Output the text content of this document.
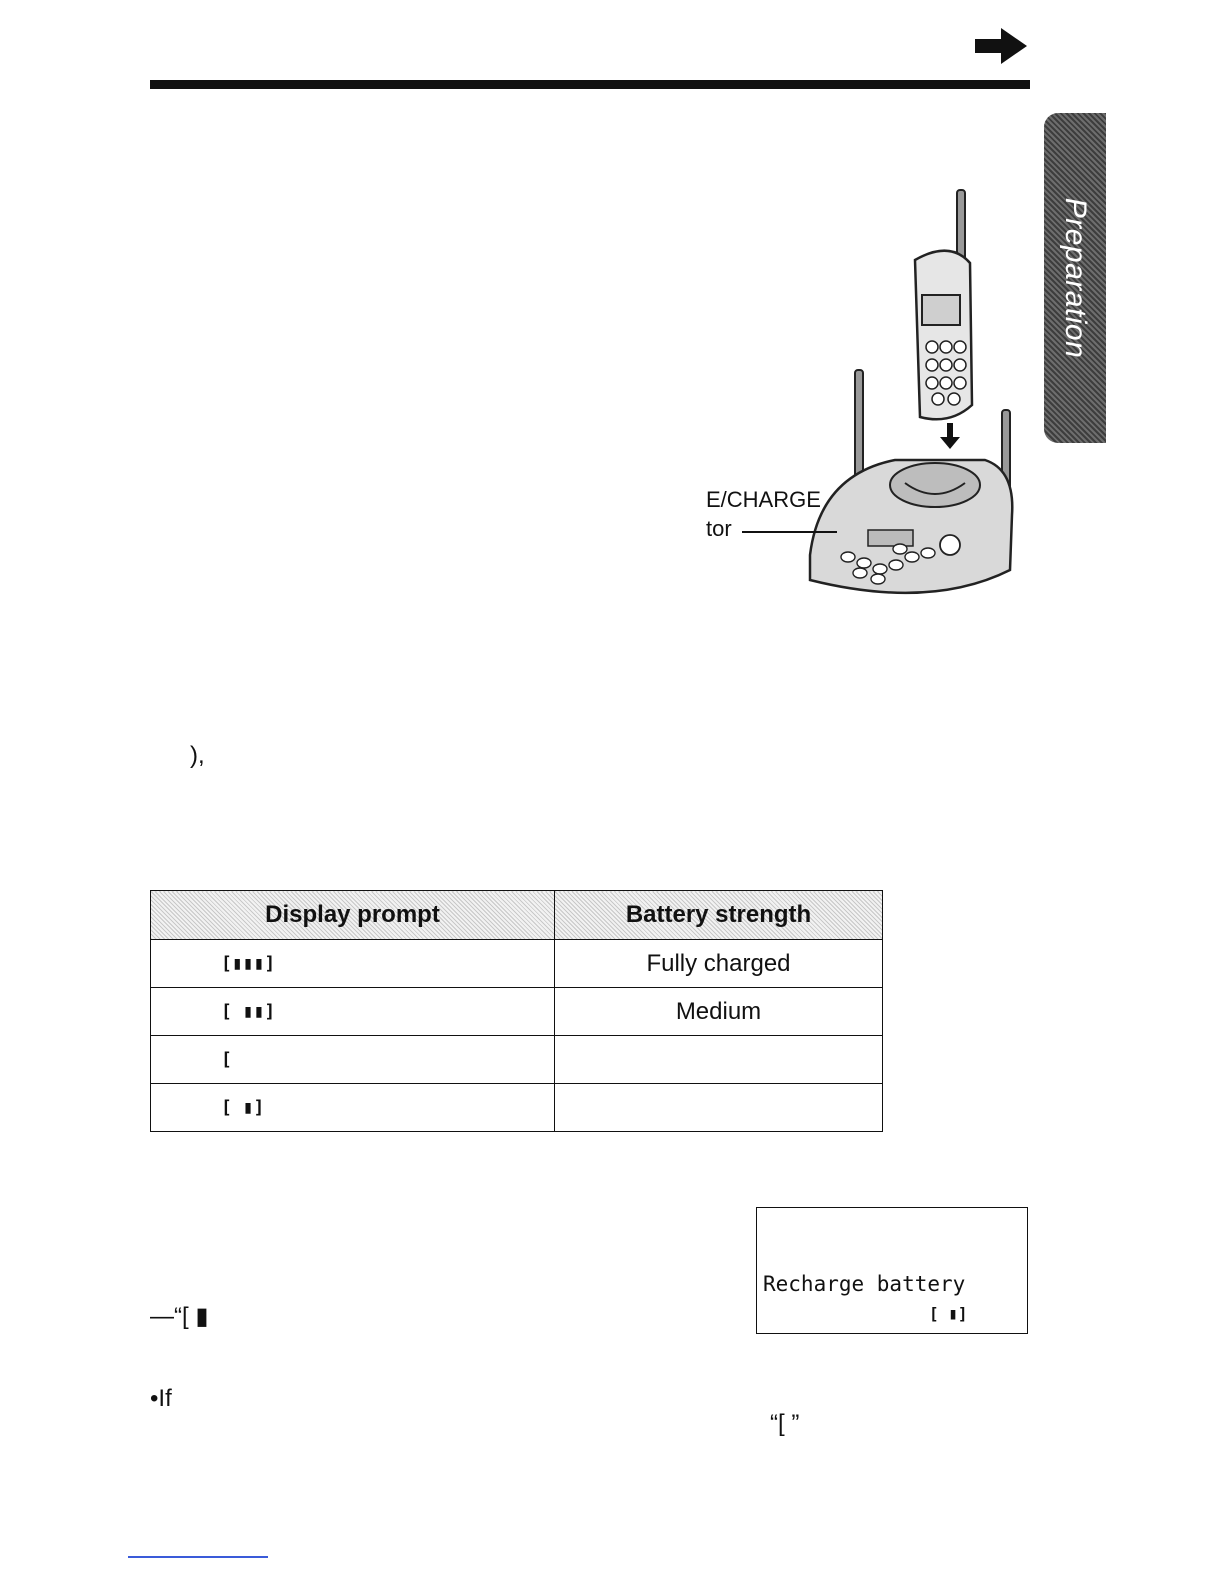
Preparation
E/CHARGE
tor
),
Display prompt	Battery strength
[▮▮▮]	Fully charged
[ ▮▮]	Medium
[	
[ ▮]	
Recharge battery
[ ▮]
—“[ ▮
•If
“[ ”
